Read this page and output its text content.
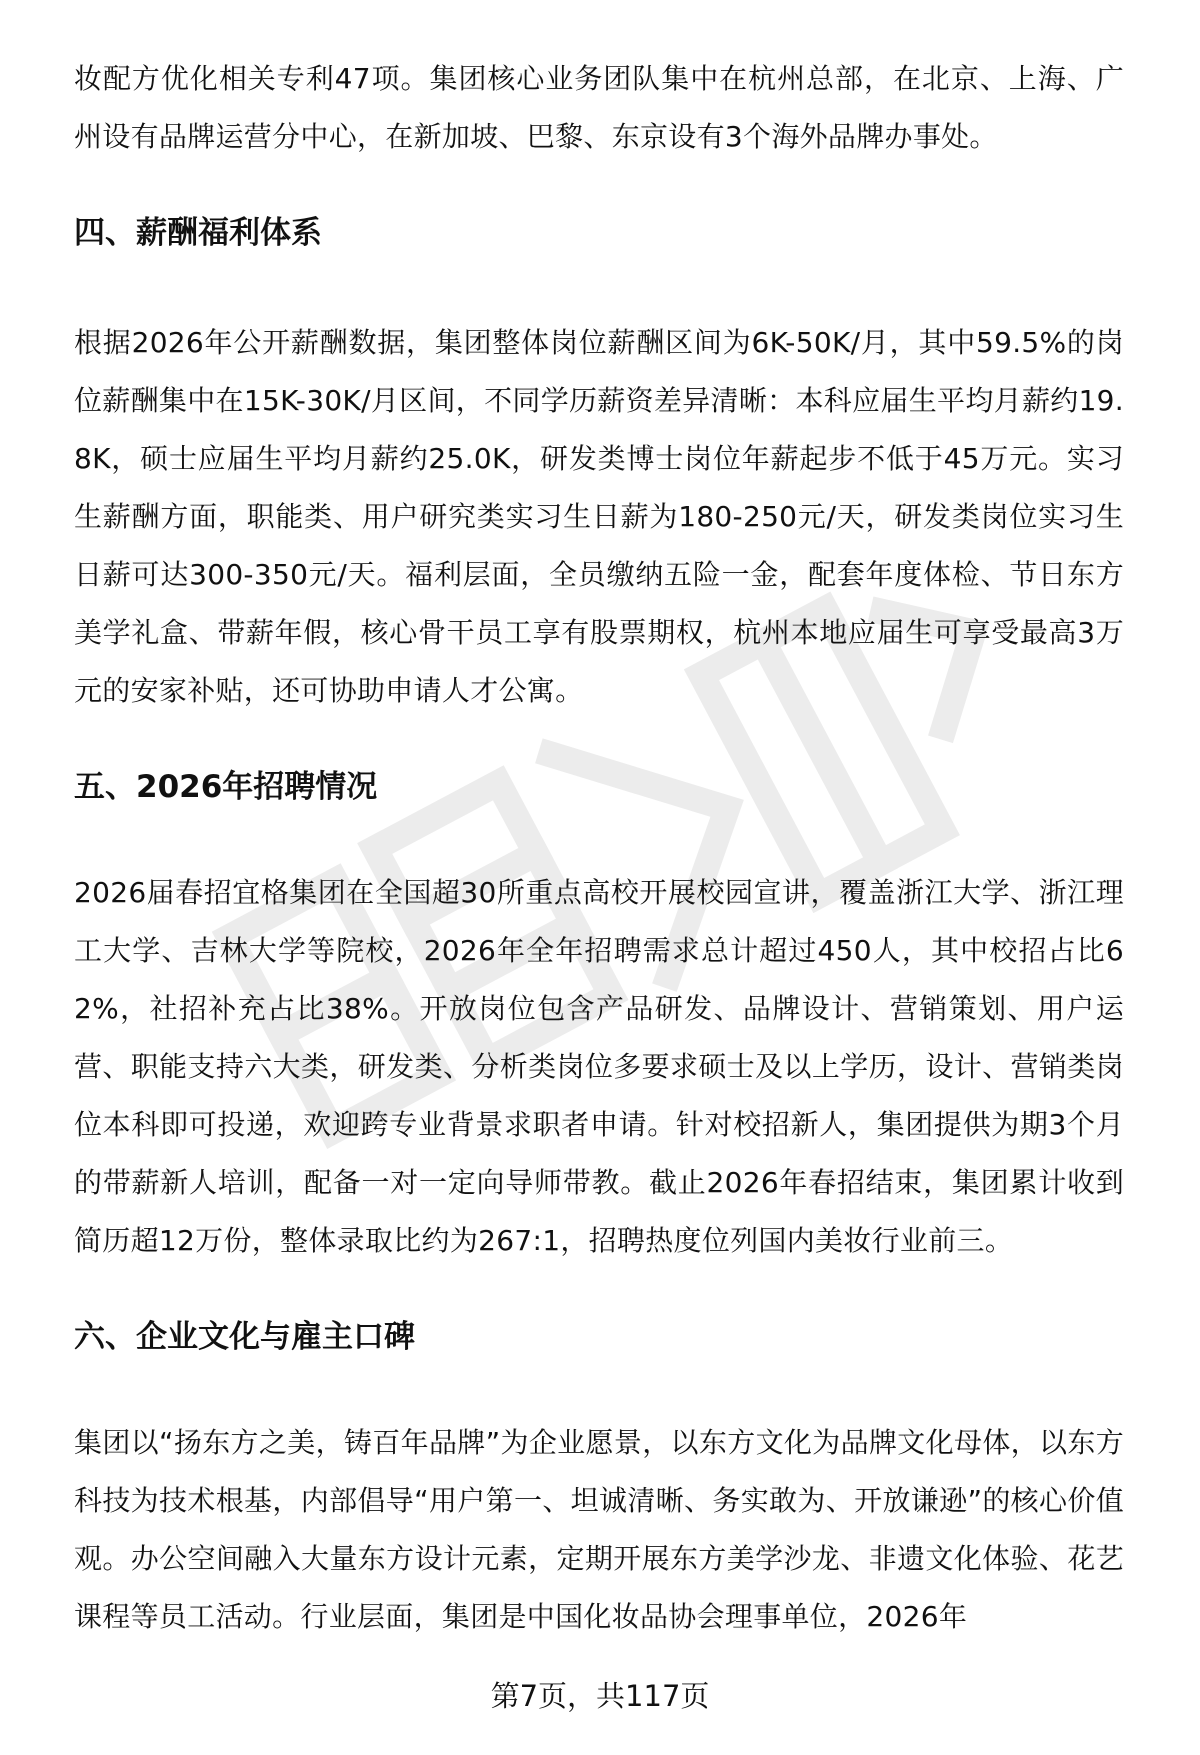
妆配方优化相关专利47项。集团核心业务团队集中在杭州总部，在北京、上海、广州设有品牌运营分中心，在新加坡、巴黎、东京设有3个海外品牌办事处。

四、薪酬福利体系

根据2026年公开薪酬数据，集团整体岗位薪酬区间为6K-50K/月，其中59.5%的岗位薪酬集中在15K-30K/月区间，不同学历薪资差异清晰：本科应届生平均月薪约19.8K，硕士应届生平均月薪约25.0K，研发类博士岗位年薪起步不低于45万元。实习生薪酬方面，职能类、用户研究类实习生日薪为180-250元/天，研发类岗位实习生日薪可达300-350元/天。福利层面，全员缴纳五险一金，配套年度体检、节日东方美学礼盒、带薪年假，核心骨干员工享有股票期权，杭州本地应届生可享受最高3万元的安家补贴，还可协助申请人才公寓。

五、2026年招聘情况

2026届春招宜格集团在全国超30所重点高校开展校园宣讲，覆盖浙江大学、浙江理工大学、吉林大学等院校，2026年全年招聘需求总计超过450人，其中校招占比62%，社招补充占比38%。开放岗位包含产品研发、品牌设计、营销策划、用户运营、职能支持六大类，研发类、分析类岗位多要求硕士及以上学历，设计、营销类岗位本科即可投递，欢迎跨专业背景求职者申请。针对校招新人，集团提供为期3个月的带薪新人培训，配备一对一定向导师带教。截止2026年春招结束，集团累计收到简历超12万份，整体录取比约为267:1，招聘热度位列国内美妆行业前三。

六、企业文化与雇主口碑

集团以“扬东方之美，铸百年品牌”为企业愿景，以东方文化为品牌文化母体，以东方科技为技术根基，内部倡导“用户第一、坦诚清晰、务实敢为、开放谦逊”的核心价值观。办公空间融入大量东方设计元素，定期开展东方美学沙龙、非遗文化体验、花艺课程等员工活动。行业层面，集团是中国化妆品协会理事单位，2026年

第7页，共117页
